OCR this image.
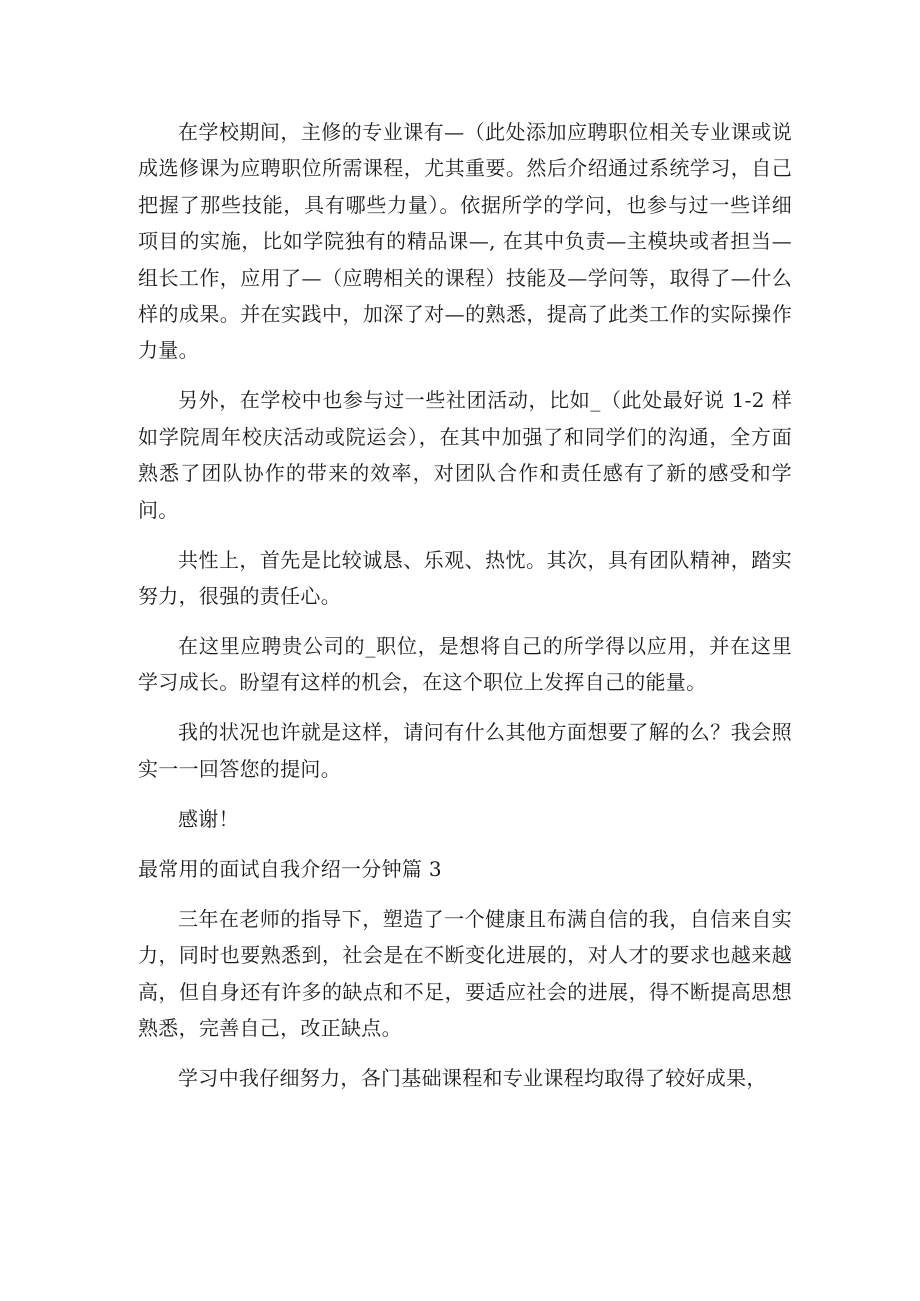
在学校期间，主修的专业课有—（此处添加应聘职位相关专业课或说成选修课为应聘职位所需课程，尤其重要。然后介绍通过系统学习，自己把握了那些技能，具有哪些力量）。依据所学的学问，也参与过一些详细项目的实施，比如学院独有的精品课—, 在其中负责—主模块或者担当—组长工作，应用了—（应聘相关的课程）技能及—学问等，取得了—什么样的成果。并在实践中，加深了对—的熟悉，提高了此类工作的实际操作力量。

另外，在学校中也参与过一些社团活动，比如_（此处最好说 1-2 样如学院周年校庆活动或院运会），在其中加强了和同学们的沟通，全方面熟悉了团队协作的带来的效率，对团队合作和责任感有了新的感受和学问。

共性上，首先是比较诚恳、乐观、热忱。其次，具有团队精神，踏实努力，很强的责任心。

在这里应聘贵公司的_职位，是想将自己的所学得以应用，并在这里学习成长。盼望有这样的机会，在这个职位上发挥自己的能量。

我的状况也许就是这样，请问有什么其他方面想要了解的么？我会照实一一回答您的提问。

感谢！

最常用的面试自我介绍一分钟篇 3

三年在老师的指导下，塑造了一个健康且布满自信的我，自信来自实力，同时也要熟悉到，社会是在不断变化进展的，对人才的要求也越来越高，但自身还有许多的缺点和不足，要适应社会的进展，得不断提高思想熟悉，完善自己，改正缺点。

学习中我仔细努力，各门基础课程和专业课程均取得了较好成果，
